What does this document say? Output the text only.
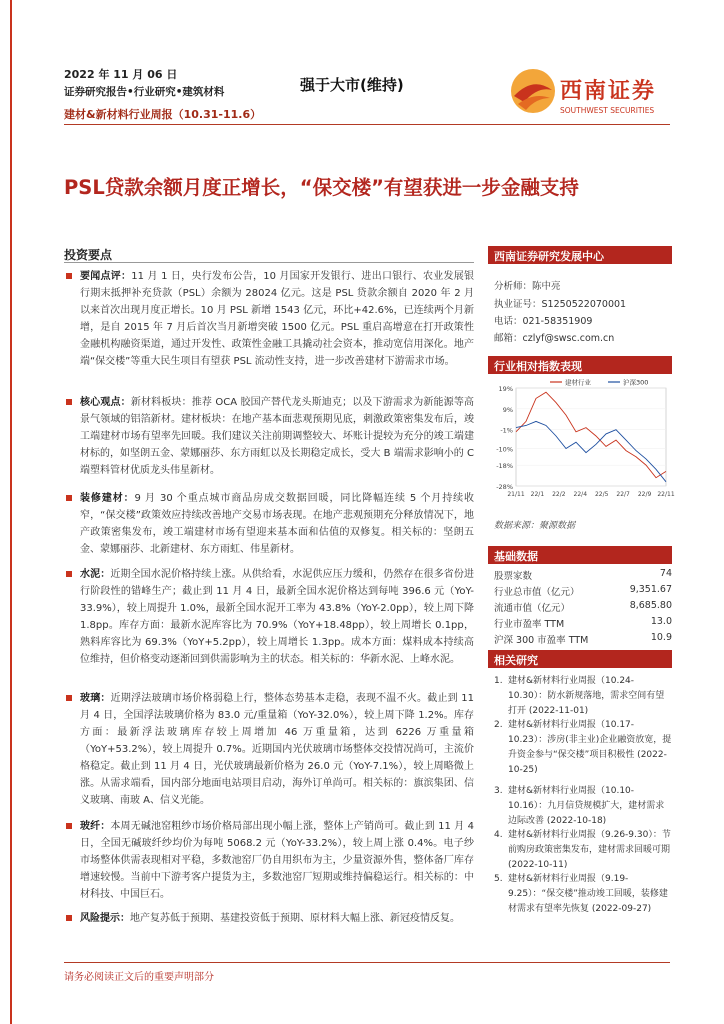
2022 年 11 月 06 日
证券研究报告•行业研究•建筑材料
建材&新材料行业周报（10.31-11.6）
强于大市(维持)	西南证券
SOUTHWEST SECURITIES
PSL贷款余额月度正增长，“保交楼”有望获进一步金融支持
投资要点
要闻点评：11 月 1 日，央行发布公告，10 月国家开发银行、进出口银行、农业发展银行期末抵押补充贷款（PSL）余额为 28024 亿元。这是 PSL 贷款余额自 2020 年 2 月以来首次出现月度正增长。10 月 PSL 新增 1543 亿元，环比+42.6%，已连续两个月新增，是自 2015 年 7 月后首次当月新增突破 1500 亿元。PSL 重启高增意在打开政策性金融机构融资渠道，通过开发性、政策性金融工具撬动社会资本，推动宽信用深化。地产端“保交楼”等重大民生项目有望获 PSL 流动性支持，进一步改善建材下游需求市场。
核心观点：新材料板块：推荐 OCA 胶国产替代龙头斯迪克；以及下游需求为新能源等高景气领域的铝箔新材。建材板块：在地产基本面悲观预期见底，刺激政策密集发布后，竣工端建材市场有望率先回暖。我们建议关注前期调整较大、坏账计提较为充分的竣工端建材标的，如坚朗五金、蒙娜丽莎、东方雨虹以及长期稳定成长，受大 B 端需求影响小的 C 端塑料管材优质龙头伟星新材。
装修建材：9 月 30 个重点城市商品房成交数据回暖，同比降幅连续 5 个月持续收窄，“保交楼”政策效应持续改善地产交易市场表现。在地产悲观预期充分释放情况下，地产政策密集发布，竣工端建材市场有望迎来基本面和估值的双修复。相关标的：坚朗五金、蒙娜丽莎、北新建材、东方雨虹、伟星新材。
水泥：近期全国水泥价格持续上涨。从供给看，水泥供应压力缓和，仍然存在很多省份进行阶段性的错峰生产；截止到 11 月 4 日，最新全国水泥价格达到每吨 396.6 元（YoY-33.9%），较上周提升 1.0%，最新全国水泥开工率为 43.8%（YoY-2.0pp），较上周下降 1.8pp。库存方面：最新水泥库容比为 70.9%（YoY+18.48pp），较上周增长 0.1pp，熟料库容比为 69.3%（YoY+5.2pp），较上周增长 1.3pp。成本方面：煤料成本持续高位维持，但价格变动逐渐回到供需影响为主的状态。相关标的：华新水泥、上峰水泥。
玻璃：近期浮法玻璃市场价格弱稳上行，整体态势基本走稳，表现不温不火。截止到 11 月 4 日，全国浮法玻璃价格为 83.0 元/重量箱（YoY-32.0%），较上周下降 1.2%。库存方面：最新浮法玻璃库存较上周增加 46 万重量箱，达到 6226 万重量箱（YoY+53.2%），较上周提升 0.7%。近期国内光伏玻璃市场整体交投情况尚可，主流价格稳定。截止到 11 月 4 日，光伏玻璃最新价格为 26.0 元（YoY-7.1%），较上周略微上涨。从需求端看，国内部分地面电站项目启动，海外订单尚可。相关标的：旗滨集团、信义玻璃、南玻 A、信义光能。
玻纤：本周无碱池窑粗纱市场价格局部出现小幅上涨，整体上产销尚可。截止到 11 月 4 日，全国无碱玻纤纱均价为每吨 5068.2 元（YoY-33.2%），较上周上涨 0.4%。电子纱市场整体供需表现相对平稳，多数池窑厂仍自用织布为主，少量资源外售，整体备厂库存增速较慢。当前中下游考客户提货为主，多数池窑厂短期或维持偏稳运行。相关标的：中材科技、中国巨石。
风险提示：地产复苏低于预期、基建投资低于预期、原材料大幅上涨、新冠疫情反复。
西南证券研究发展中心
分析师：陈中亮
执业证号：S1250522070001
电话：021-58351909
邮箱：czlyf@swsc.com.cn
行业相对指数表现
19%
9%
-1%
-10%
-18%
-28%
21/11 22/1 22/2 22/4 22/5 22/7 22/9 22/11
建材行业	沪深300
数据来源：聚源数据
基础数据
股票家数	74
行业总市值（亿元）	9,351.67
流通市值（亿元）	8,685.80
行业市盈率 TTM	13.0
沪深 300 市盈率 TTM	10.9
相关研究
1. 建材&新材料行业周报（10.24-10.30）：防水新规落地，需求空间有望打开 (2022-11-01)
2. 建材&新材料行业周报（10.17-10.23）：涉房(非主业)企业融资放宽，提升资金参与“保交楼”项目积极性 (2022-10-25)
3. 建材&新材料行业周报（10.10-10.16）：九月信贷规模扩大，建材需求边际改善 (2022-10-18)
4. 建材&新材料行业周报（9.26-9.30）：节前购房政策密集发布，建材需求回暖可期 (2022-10-11)
5. 建材&新材料行业周报（9.19-9.25）：“保交楼”推动竣工回暖，装修建材需求有望率先恢复 (2022-09-27)
请务必阅读正文后的重要声明部分
